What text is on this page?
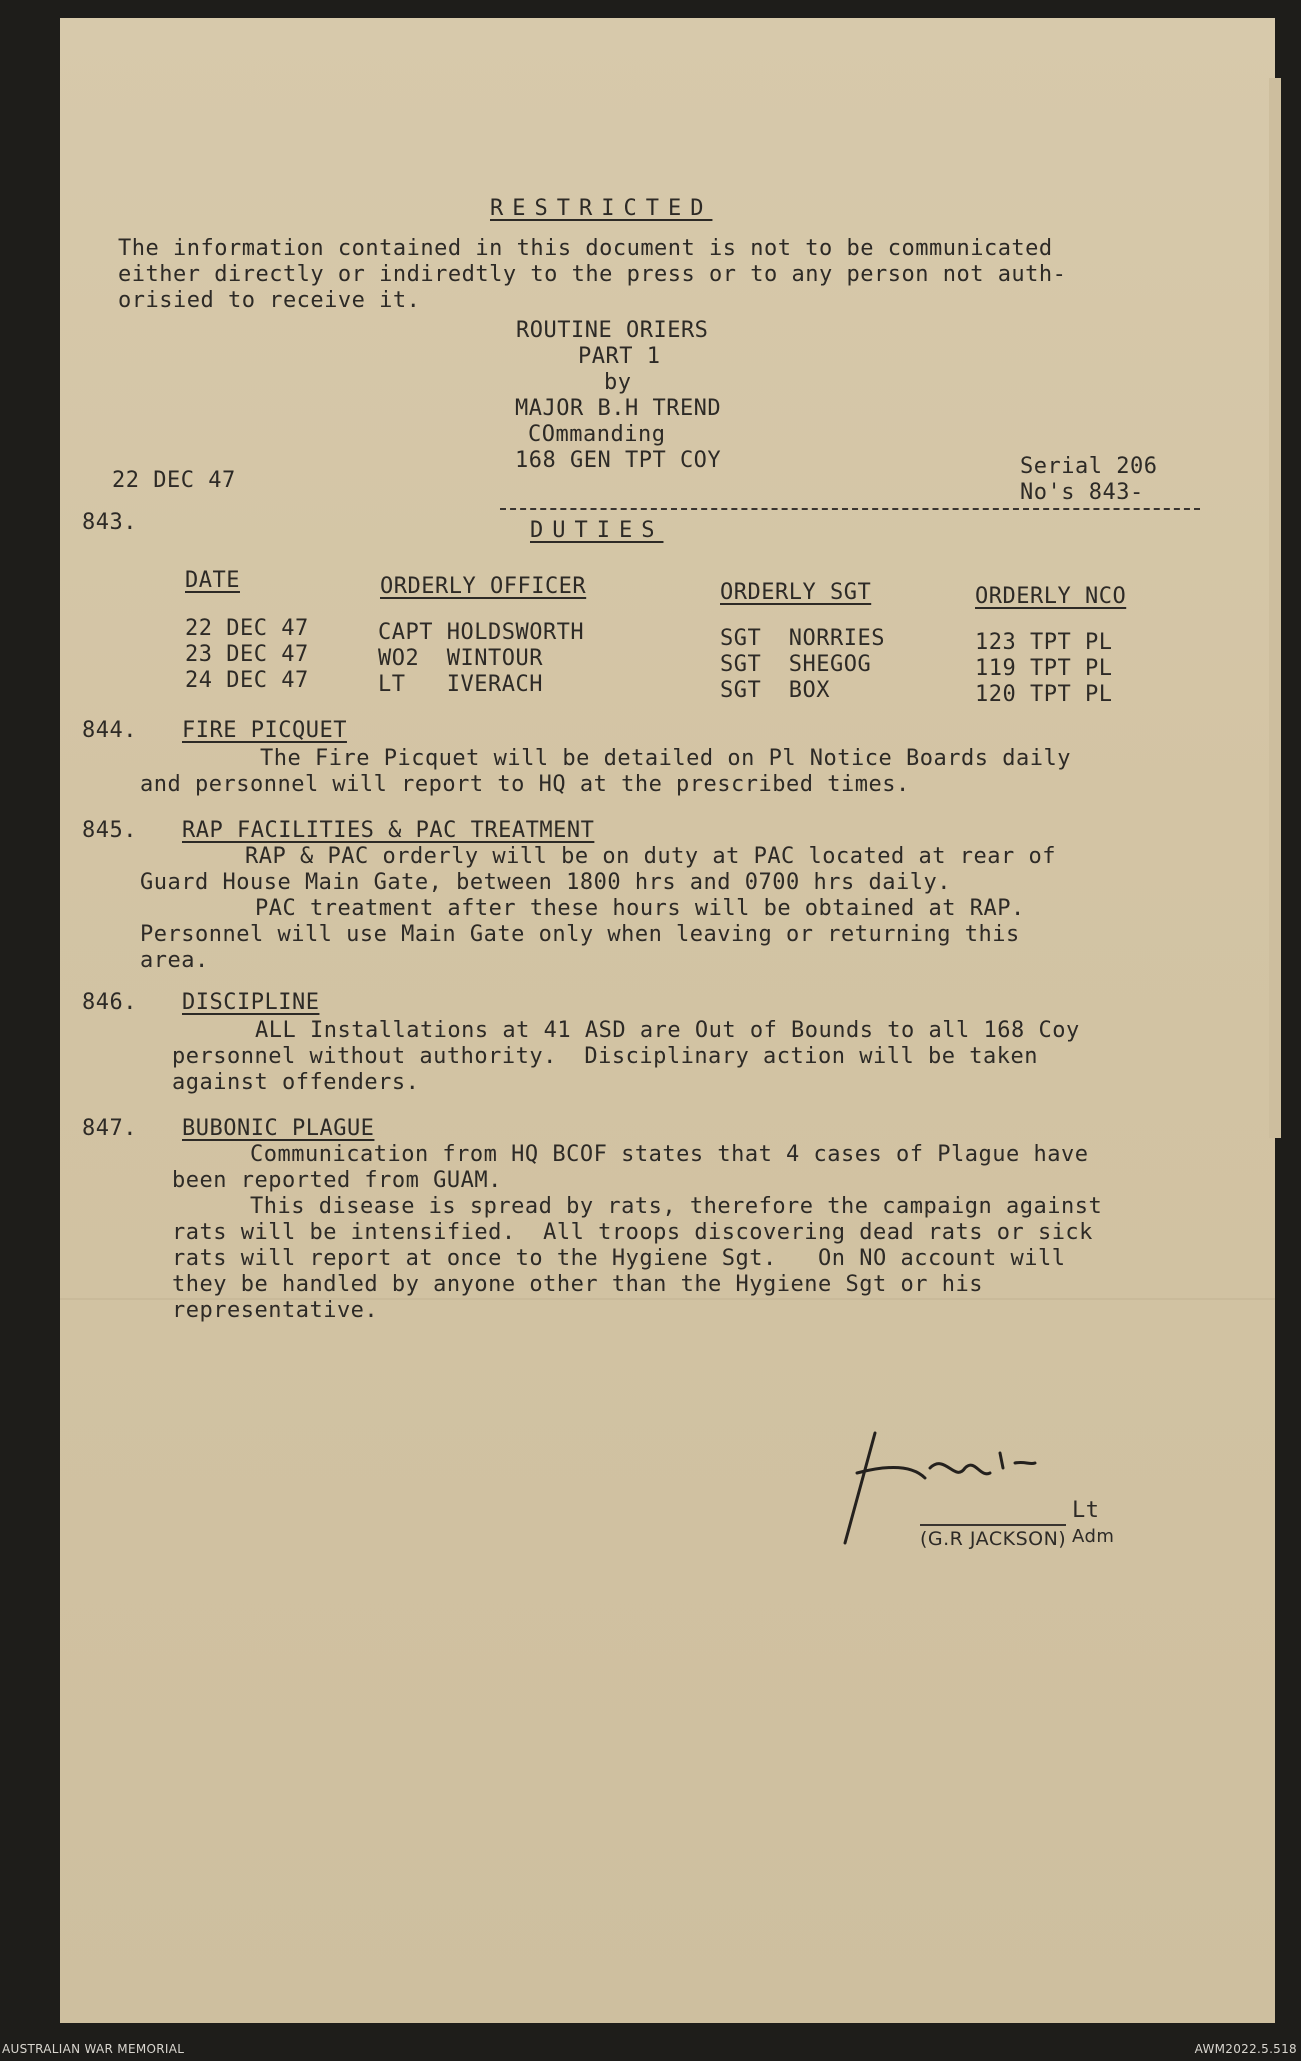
RESTRICTED
The information contained in this document is not to be communicated
either directly or indiredtly to the press or to any person not auth-
orisied to receive it.
ROUTINE ORIERS
PART 1
by
MAJOR B.H TREND
COmmanding
168 GEN TPT COY
22 DEC 47
Serial 206
No's 843-
843.	DUTIES
DATE	ORDERLY OFFICER	ORDERLY SGT	ORDERLY NCO
22 DEC 47	CAPT HOLDSWORTH	SGT  NORRIES	123 TPT PL
23 DEC 47	WO2  WINTOUR	SGT  SHEGOG	119 TPT PL
24 DEC 47	LT   IVERACH	SGT  BOX	120 TPT PL
844. FIRE PICQUET
The Fire Picquet will be detailed on Pl Notice Boards daily
and personnel will report to HQ at the prescribed times.
845. RAP FACILITIES & PAC TREATMENT
RAP & PAC orderly will be on duty at PAC located at rear of
Guard House Main Gate, between 1800 hrs and 0700 hrs daily.
PAC treatment after these hours will be obtained at RAP.
Personnel will use Main Gate only when leaving or returning this
area.
846. DISCIPLINE
ALL Installations at 41 ASD are Out of Bounds to all 168 Coy
personnel without authority.  Disciplinary action will be taken
against offenders.
847. BUBONIC PLAGUE
Communication from HQ BCOF states that 4 cases of Plague have
been reported from GUAM.
This disease is spread by rats, therefore the campaign against
rats will be intensified.  All troops discovering dead rats or sick
rats will report at once to the Hygiene Sgt.   On NO account will
they be handled by anyone other than the Hygiene Sgt or his
representative.
Lt
(G.R JACKSON) Adm
AUSTRALIAN WAR MEMORIAL	AWM2022.5.518
